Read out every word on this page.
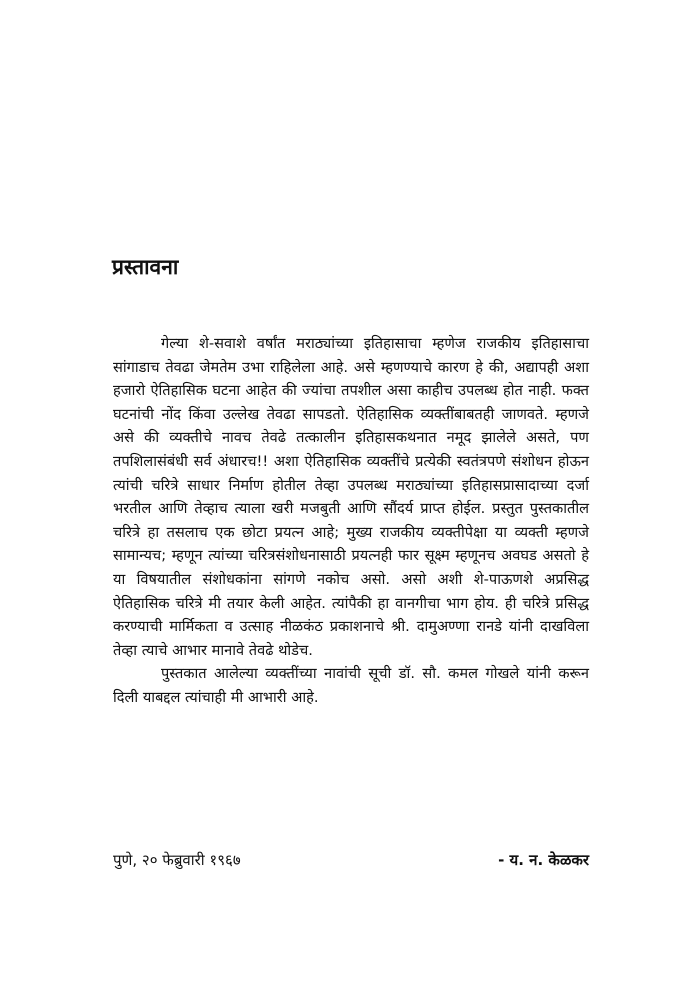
प्रस्तावना

गेल्या शे-सवाशे वर्षांत मराठ्यांच्या इतिहासाचा म्हणेज राजकीय इतिहासाचा सांगाडाच तेवढा जेमतेम उभा राहिलेला आहे. असे म्हणण्याचे कारण हे की, अद्यापही अशा हजारो ऐतिहासिक घटना आहेत की ज्यांचा तपशील असा काहीच उपलब्ध होत नाही. फक्त घटनांची नोंद किंवा उल्लेख तेवढा सापडतो. ऐतिहासिक व्यक्तींबाबतही जाणवते. म्हणजे असे की व्यक्तीचे नावच तेवढे तत्कालीन इतिहासकथनात नमूद झालेले असते, पण तपशिलासंबंधी सर्व अंधारच!! अशा ऐतिहासिक व्यक्तींचे प्रत्येकी स्वतंत्रपणे संशोधन होऊन त्यांची चरित्रे साधार निर्माण होतील तेव्हा उपलब्ध मराठ्यांच्या इतिहासप्रासादाच्या दर्जा भरतील आणि तेव्हाच त्याला खरी मजबुती आणि सौंदर्य प्राप्त होईल. प्रस्तुत पुस्तकातील चरित्रे हा तसलाच एक छोटा प्रयत्न आहे; मुख्य राजकीय व्यक्तीपेक्षा या व्यक्ती म्हणजे सामान्यच; म्हणून त्यांच्या चरित्रसंशोधनासाठी प्रयत्नही फार सूक्ष्म म्हणूनच अवघड असतो हे या विषयातील संशोधकांना सांगणे नकोच असो. असो अशी शे-पाऊणशे अप्रसिद्ध ऐतिहासिक चरित्रे मी तयार केली आहेत. त्यांपैकी हा वानगीचा भाग होय. ही चरित्रे प्रसिद्ध करण्याची मार्मिकता व उत्साह नीळकंठ प्रकाशनाचे श्री. दामुअण्णा रानडे यांनी दाखविला तेव्हा त्याचे आभार मानावे तेवढे थोडेच.

पुस्तकात आलेल्या व्यक्तींच्या नावांची सूची डॉ. सौ. कमल गोखले यांनी करून दिली याबद्दल त्यांचाही मी आभारी आहे.

पुणे, २० फेब्रुवारी १९६७	- य. न. केळकर
